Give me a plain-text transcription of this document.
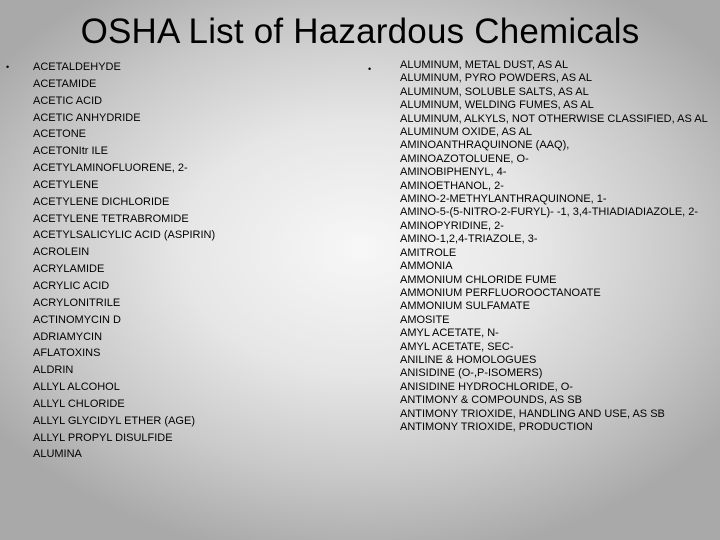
OSHA List of Hazardous Chemicals
• ACETALDEHYDE
ACETAMIDE
ACETIC ACID
ACETIC ANHYDRIDE
ACETONE
ACETONItr ILE
ACETYLAMINOFLUORENE, 2-
ACETYLENE
ACETYLENE DICHLORIDE
ACETYLENE TETRABROMIDE
ACETYLSALICYLIC ACID (ASPIRIN)
ACROLEIN
ACRYLAMIDE
ACRYLIC ACID
ACRYLONITRILE
ACTINOMYCIN D
ADRIAMYCIN
AFLATOXINS
ALDRIN
ALLYL ALCOHOL
ALLYL CHLORIDE
ALLYL GLYCIDYL ETHER (AGE)
ALLYL PROPYL DISULFIDE
ALUMINA
•	ALUMINUM, METAL DUST, AS AL
ALUMINUM, PYRO POWDERS, AS AL
ALUMINUM, SOLUBLE SALTS, AS AL
ALUMINUM, WELDING FUMES, AS AL
ALUMINUM, ALKYLS, NOT OTHERWISE CLASSIFIED, AS AL
ALUMINUM OXIDE, AS AL
AMINOANTHRAQUINONE (AAQ),
AMINOAZOTOLUENE, O-
AMINOBIPHENYL, 4-
AMINOETHANOL, 2-
AMINO-2-METHYLANTHRAQUINONE, 1-
AMINO-5-(5-NITRO-2-FURYL)- -1, 3,4-THIADIADIAZOLE, 2-
AMINOPYRIDINE, 2-
AMINO-1,2,4-TRIAZOLE, 3-
AMITROLE
AMMONIA
AMMONIUM CHLORIDE FUME
AMMONIUM PERFLUOROOCTANOATE
AMMONIUM SULFAMATE
AMOSITE
AMYL ACETATE, N-
AMYL ACETATE, SEC-
ANILINE & HOMOLOGUES
ANISIDINE (O-,P-ISOMERS)
ANISIDINE HYDROCHLORIDE, O-
ANTIMONY & COMPOUNDS, AS SB
ANTIMONY TRIOXIDE, HANDLING AND USE, AS SB
ANTIMONY TRIOXIDE, PRODUCTION
